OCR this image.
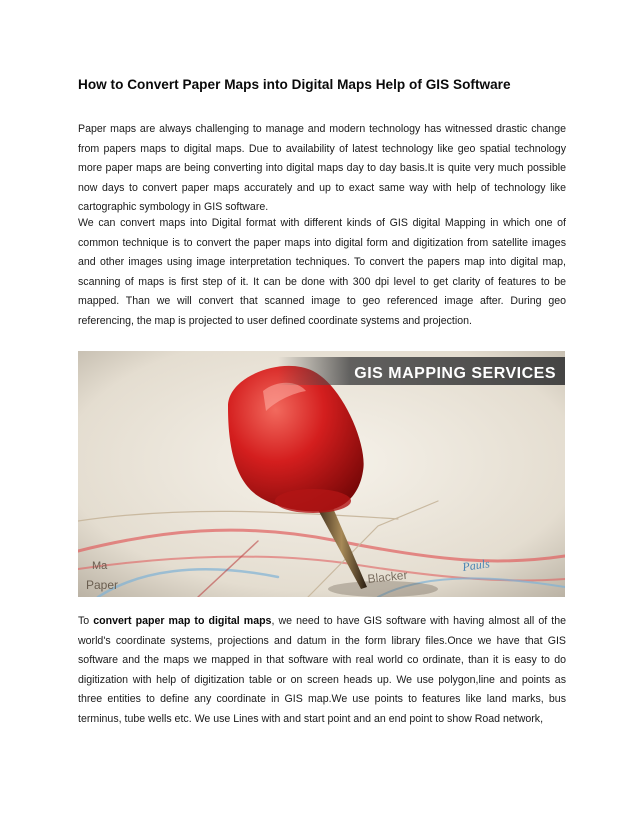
How to Convert Paper Maps into Digital Maps Help of GIS Software

Paper maps are always challenging to manage and modern technology has witnessed drastic change from papers maps to digital maps. Due to availability of latest technology like geo spatial technology more paper maps are being converting into digital maps day to day basis.It is quite very much possible now days to convert paper maps accurately and up to exact same way with help of technology like cartographic symbology in GIS software.

We can convert maps into Digital format with different kinds of GIS digital Mapping in which one of common technique is to convert the paper maps into digital form and digitization from satellite images and other images using image interpretation techniques. To convert the papers map into digital map, scanning of maps is first step of it. It can be done with 300 dpi level to get clarity of features to be mapped. Than we will convert that scanned image to geo referenced image after. During geo referencing, the map is projected to user defined coordinate systems and projection.

To convert paper map to digital maps, we need to have GIS software with having almost all of the world's coordinate systems, projections and datum in the form library files.Once we have that GIS software and the maps we mapped in that software with real world co ordinate, than it is easy to do digitization with help of digitization table or on screen heads up. We use polygon,line and points as three entities to define any coordinate in GIS map.We use points to features like land marks, bus terminus, tube wells etc. We use Lines with and start point and an end point to show Road network,

Paper
Ma
Blacker
Pauls
GIS MAPPING SERVICES
